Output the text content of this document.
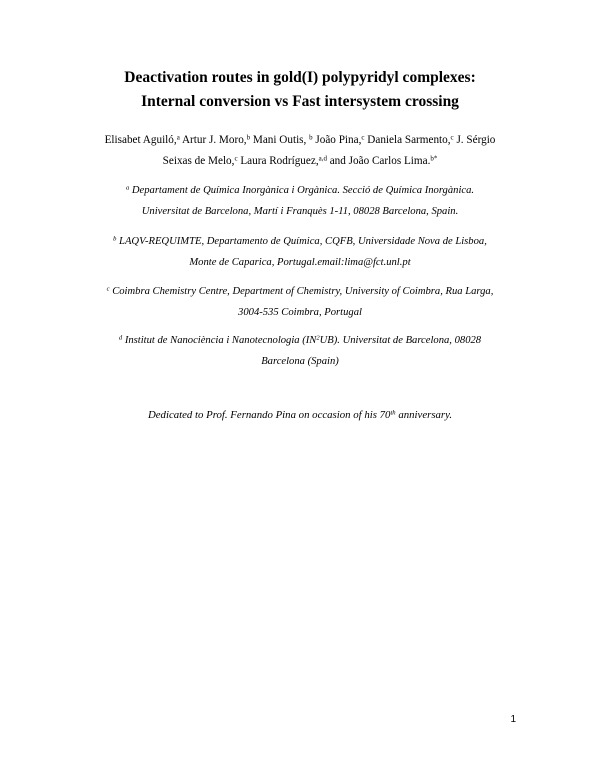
Deactivation routes in gold(I) polypyridyl complexes:
Internal conversion vs Fast intersystem crossing
Elisabet Aguiló,$^a$ Artur J. Moro,$^b$ Mani Outis, $^b$ João Pina,$^c$ Daniela Sarmento,$^c$ J. Sérgio
Seixas de Melo,$^c$ Laura Rodríguez,$^{a,d}$ and João Carlos Lima.$^{b*}$
$^a$ Departament de Química Inorgànica i Orgànica. Secció de Química Inorgànica.
Universitat de Barcelona, Martí i Franquès 1-11, 08028 Barcelona, Spain.
$^b$ LAQV-REQUIMTE, Departamento de Química, CQFB, Universidade Nova de Lisboa,
Monte de Caparica, Portugal.email:lima@fct.unl.pt
$^c$ Coimbra Chemistry Centre, Department of Chemistry, University of Coimbra, Rua Larga,
3004-535 Coimbra, Portugal
$^d$ Institut de Nanociència i Nanotecnologia $(IN^2UB)$. Universitat de Barcelona, 08028
Barcelona (Spain)
Dedicated to Prof. Fernando Pina on occasion of his 70th anniversary.
1
